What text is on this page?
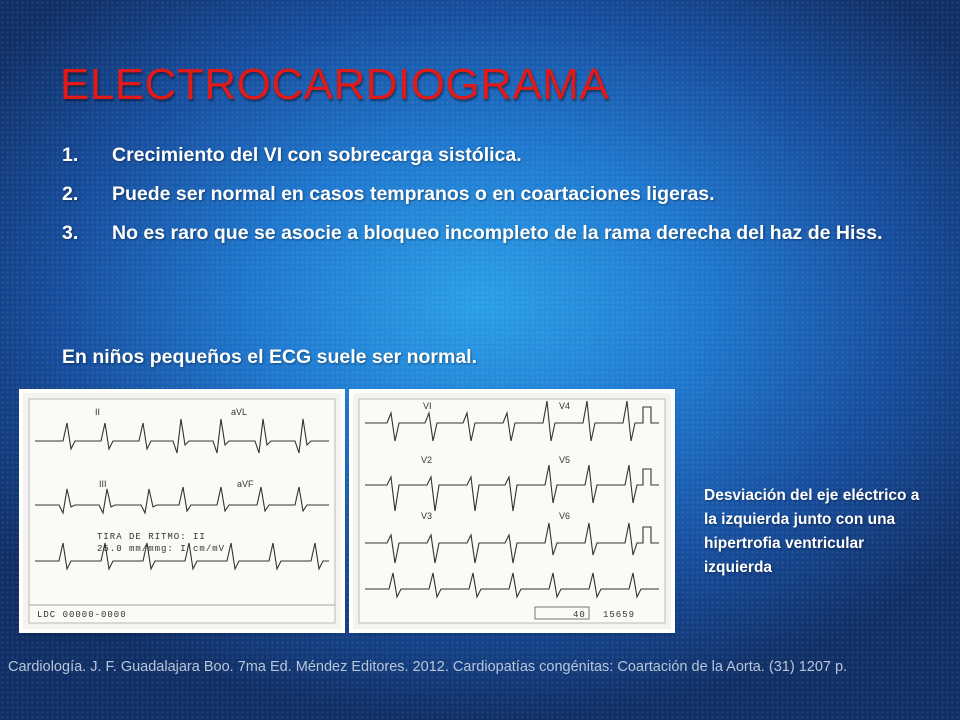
ELECTROCARDIOGRAMA
1.	Crecimiento del VI con sobrecarga sistólica.
2.	Puede ser normal en casos tempranos o en coartaciones ligeras.
3.	No es raro que se asocie a bloqueo incompleto de la rama derecha del haz de Hiss.

En niños pequeños el ECG suele ser normal.

II	aVL
III	aVF
TIRA DE RITMO: II
25.0 mm/mmg: I cm/mV
LDC 00000-0000
VI	V4
V2	V5
V3	V6
40 15659

Desviación del eje eléctrico a la izquierda junto con una hipertrofia ventricular izquierda

Cardiología. J. F. Guadalajara Boo. 7ma Ed. Méndez Editores. 2012. Cardiopatías congénitas: Coartación de la Aorta. (31) 1207 p.
